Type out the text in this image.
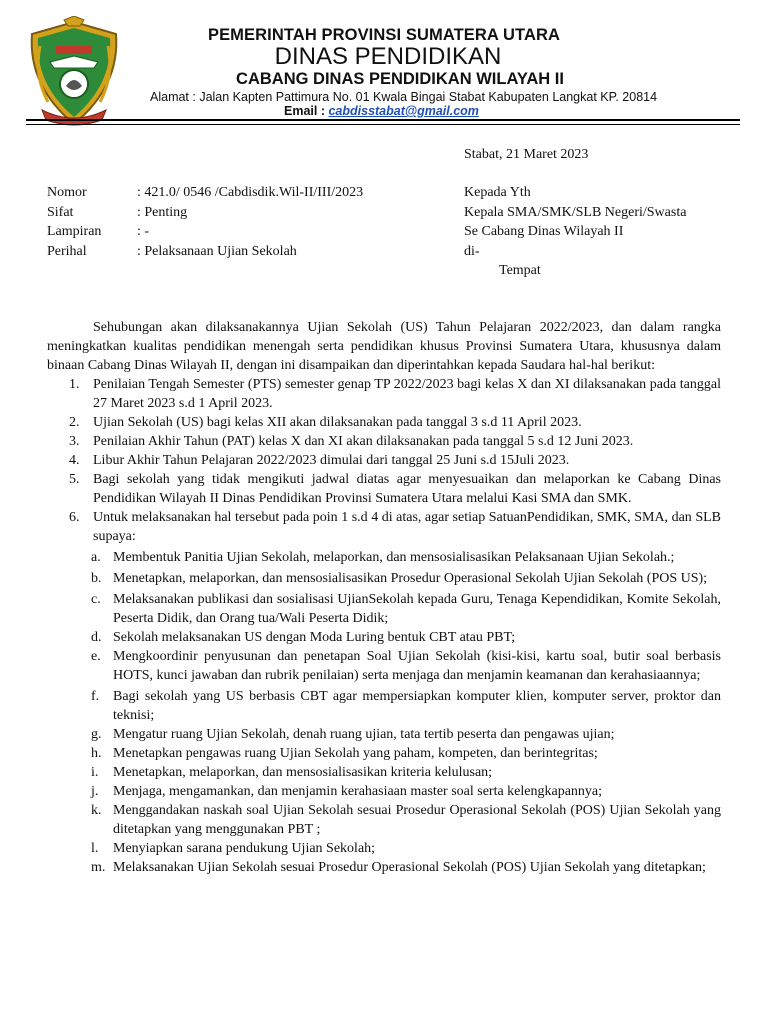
PEMERINTAH PROVINSI SUMATERA UTARA
DINAS PENDIDIKAN
CABANG DINAS PENDIDIKAN WILAYAH II
Alamat : Jalan Kapten Pattimura No. 01 Kwala Bingai Stabat Kabupaten Langkat KP. 20814
Email : cabdisstabat@gmail.com
Stabat, 21 Maret 2023
Nomor	: 421.0/ 0546 /Cabdisdik.Wil-II/III/2023
Sifat	: Penting
Lampiran	: -
Perihal	: Pelaksanaan Ujian Sekolah
Kepada Yth
Kepala SMA/SMK/SLB Negeri/Swasta
Se Cabang Dinas Wilayah II
di-
Tempat

Sehubungan akan dilaksanakannya Ujian Sekolah (US) Tahun Pelajaran 2022/2023, dan dalam rangka meningkatkan kualitas pendidikan menengah serta pendidikan khusus Provinsi Sumatera Utara, khususnya dalam binaan Cabang Dinas Wilayah II, dengan ini disampaikan dan diperintahkan kepada Saudara hal-hal berikut:

1. Penilaian Tengah Semester (PTS) semester genap TP 2022/2023 bagi kelas X dan XI dilaksanakan pada tanggal 27 Maret 2023 s.d 1 April 2023.
2. Ujian Sekolah (US) bagi kelas XII akan dilaksanakan pada tanggal 3 s.d 11 April 2023.
3. Penilaian Akhir Tahun (PAT) kelas X dan XI akan dilaksanakan pada tanggal 5 s.d 12 Juni 2023.
4. Libur Akhir Tahun Pelajaran 2022/2023 dimulai dari tanggal 25 Juni s.d 15Juli 2023.
5. Bagi sekolah yang tidak mengikuti jadwal diatas agar menyesuaikan dan melaporkan ke Cabang Dinas Pendidikan Wilayah II Dinas Pendidikan Provinsi Sumatera Utara melalui Kasi SMA dan SMK.
6. Untuk melaksanakan hal tersebut pada poin 1 s.d 4 di atas, agar setiap SatuanPendidikan, SMK, SMA, dan SLB supaya:
a. Membentuk Panitia Ujian Sekolah, melaporkan, dan mensosialisasikan Pelaksanaan Ujian Sekolah.;
b. Menetapkan, melaporkan, dan mensosialisasikan Prosedur Operasional Sekolah Ujian Sekolah (POS US);
c. Melaksanakan publikasi dan sosialisasi UjianSekolah kepada Guru, Tenaga Kependidikan, Komite Sekolah, Peserta Didik, dan Orang tua/Wali Peserta Didik;
d. Sekolah melaksanakan US dengan Moda Luring bentuk CBT atau PBT;
e. Mengkoordinir penyusunan dan penetapan Soal Ujian Sekolah (kisi-kisi, kartu soal, butir soal berbasis HOTS, kunci jawaban dan rubrik penilaian) serta menjaga dan menjamin keamanan dan kerahasiaannya;
f. Bagi sekolah yang US berbasis CBT agar mempersiapkan komputer klien, komputer server, proktor dan teknisi;
g. Mengatur ruang Ujian Sekolah, denah ruang ujian, tata tertib peserta dan pengawas ujian;
h. Menetapkan pengawas ruang Ujian Sekolah yang paham, kompeten, dan berintegritas;
i. Menetapkan, melaporkan, dan mensosialisasikan kriteria kelulusan;
j. Menjaga, mengamankan, dan menjamin kerahasiaan master soal serta kelengkapannya;
k. Menggandakan naskah soal Ujian Sekolah sesuai Prosedur Operasional Sekolah (POS) Ujian Sekolah yang ditetapkan yang menggunakan PBT ;
l. Menyiapkan sarana pendukung Ujian Sekolah;
m. Melaksanakan Ujian Sekolah sesuai Prosedur Operasional Sekolah (POS) Ujian Sekolah yang ditetapkan;
